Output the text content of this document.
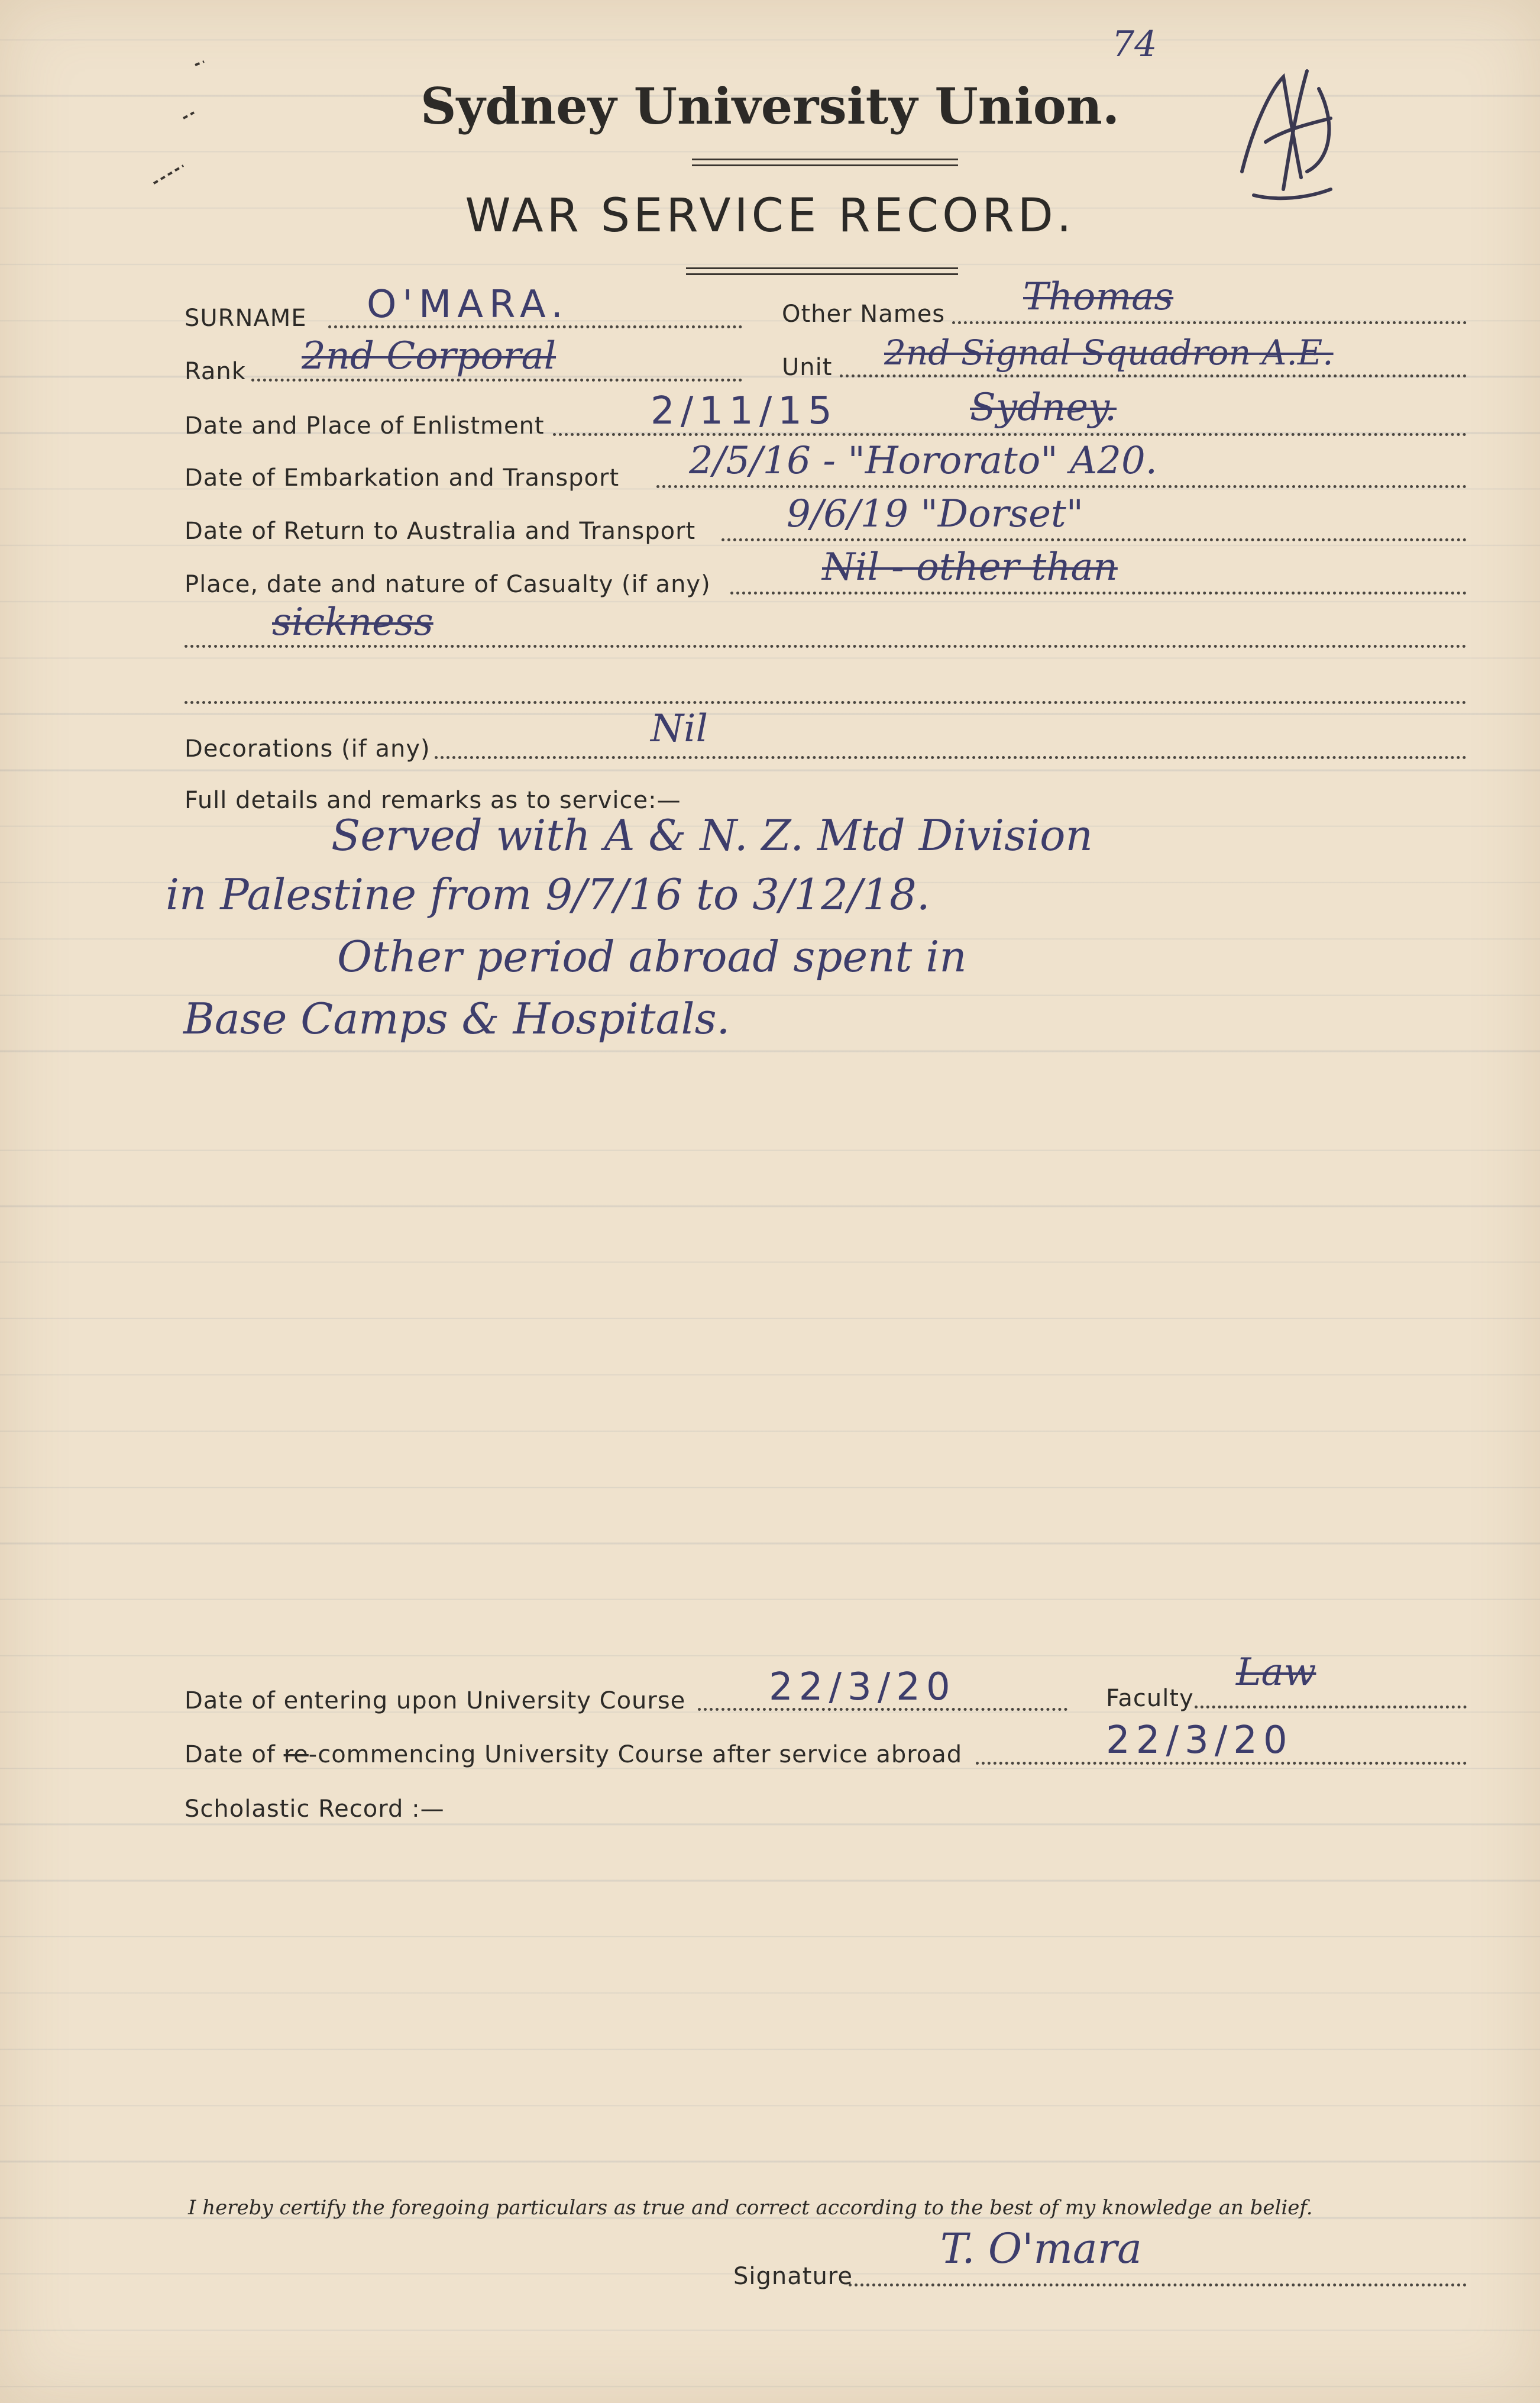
Sydney University Union.
WAR SERVICE RECORD.
74
SURNAME O'MARA.	Other Names Thomas
Rank 2nd Corporal	Unit 2nd Signal Squadron A.E.
Date and Place of Enlistment	2/11/15	Sydney.
Date of Embarkation and Transport 2/5/16 - "Hororato" A20.
Date of Return to Australia and Transport 9/6/19 "Dorset"
Place, date and nature of Casualty (if any)	Nil - other than
sickness
Decorations (if any)	Nil
Full details and remarks as to service:—
Served with A & N. Z. Mtd Division
in Palestine from 9/7/16 to 3/12/18.
Other period abroad spent in
Base Camps & Hospitals.
Date of entering upon University Course 22/3/20	Faculty
Law
Date of re-commencing University Course after service abroad	22/3/20
Scholastic Record :—
I hereby certify the foregoing particulars as true and correct according to the best of my knowledge an belief.
Signature
T. O'mara
